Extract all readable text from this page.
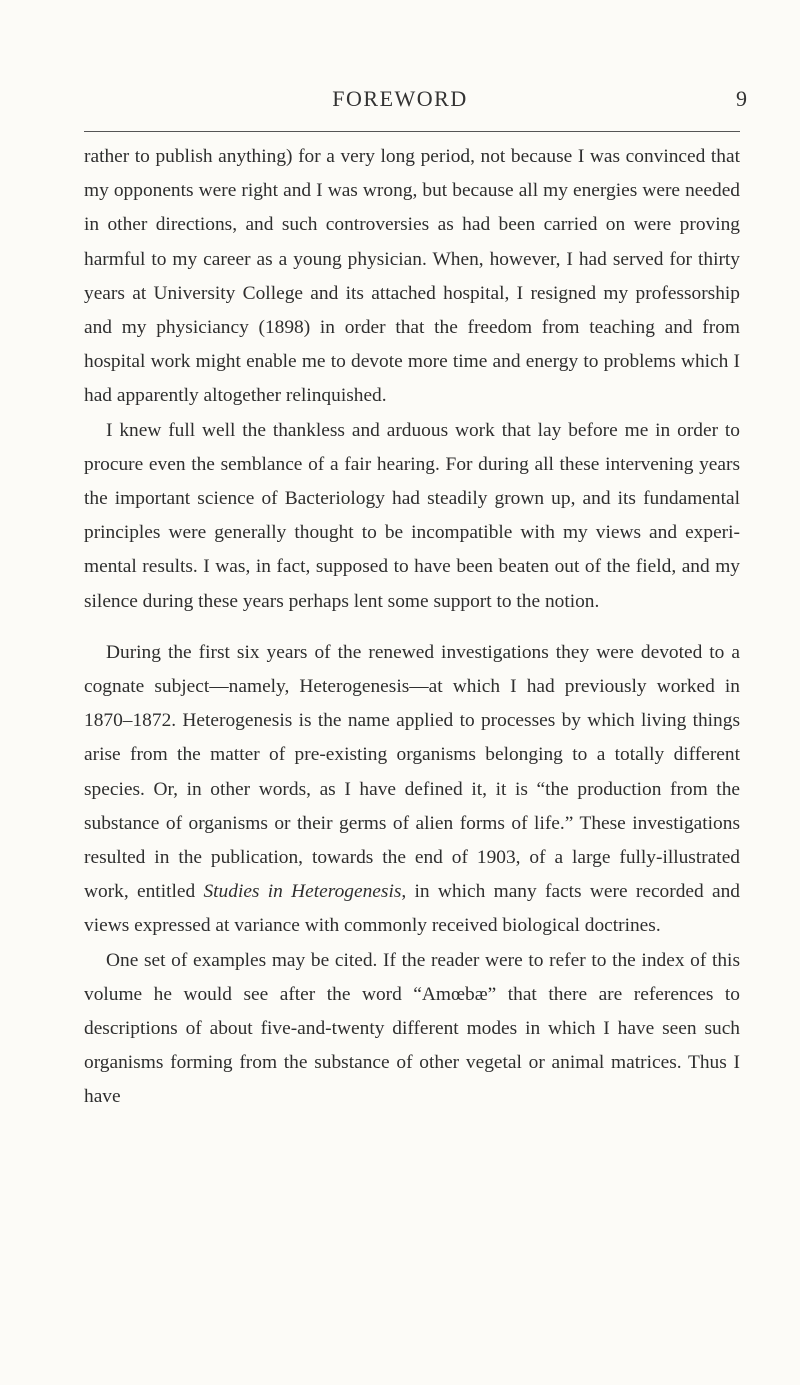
FOREWORD	9

rather to publish anything) for a very long period, not because I was convinced that my opponents were right and I was wrong, but because all my energies were needed in other directions, and such controversies as had been carried on were proving harmful to my career as a young physician. When, however, I had served for thirty years at University College and its attached hospital, I resigned my professorship and my physiciancy (1898) in order that the freedom from teaching and from hospital work might enable me to devote more time and energy to problems which I had apparently altogether relinquished.

I knew full well the thankless and arduous work that lay before me in order to procure even the semblance of a fair hearing. For during all these intervening years the important science of Bacteriology had steadily grown up, and its fundamental principles were generally thought to be incompatible with my views and experimental results. I was, in fact, supposed to have been beaten out of the field, and my silence during these years perhaps lent some support to the notion.

During the first six years of the renewed investigations they were devoted to a cognate subject—namely, Heterogenesis—at which I had previously worked in 1870–1872. Heterogenesis is the name applied to processes by which living things arise from the matter of pre-existing organisms belonging to a totally different species. Or, in other words, as I have defined it, it is “the production from the substance of organisms or their germs of alien forms of life.” These investigations resulted in the publication, towards the end of 1903, of a large fully-illustrated work, entitled Studies in Heterogenesis, in which many facts were recorded and views expressed at variance with commonly received biological doctrines.

One set of examples may be cited. If the reader were to refer to the index of this volume he would see after the word “Amœbæ” that there are references to descriptions of about five-and-twenty different modes in which I have seen such organisms forming from the substance of other vegetal or animal matrices. Thus I have
